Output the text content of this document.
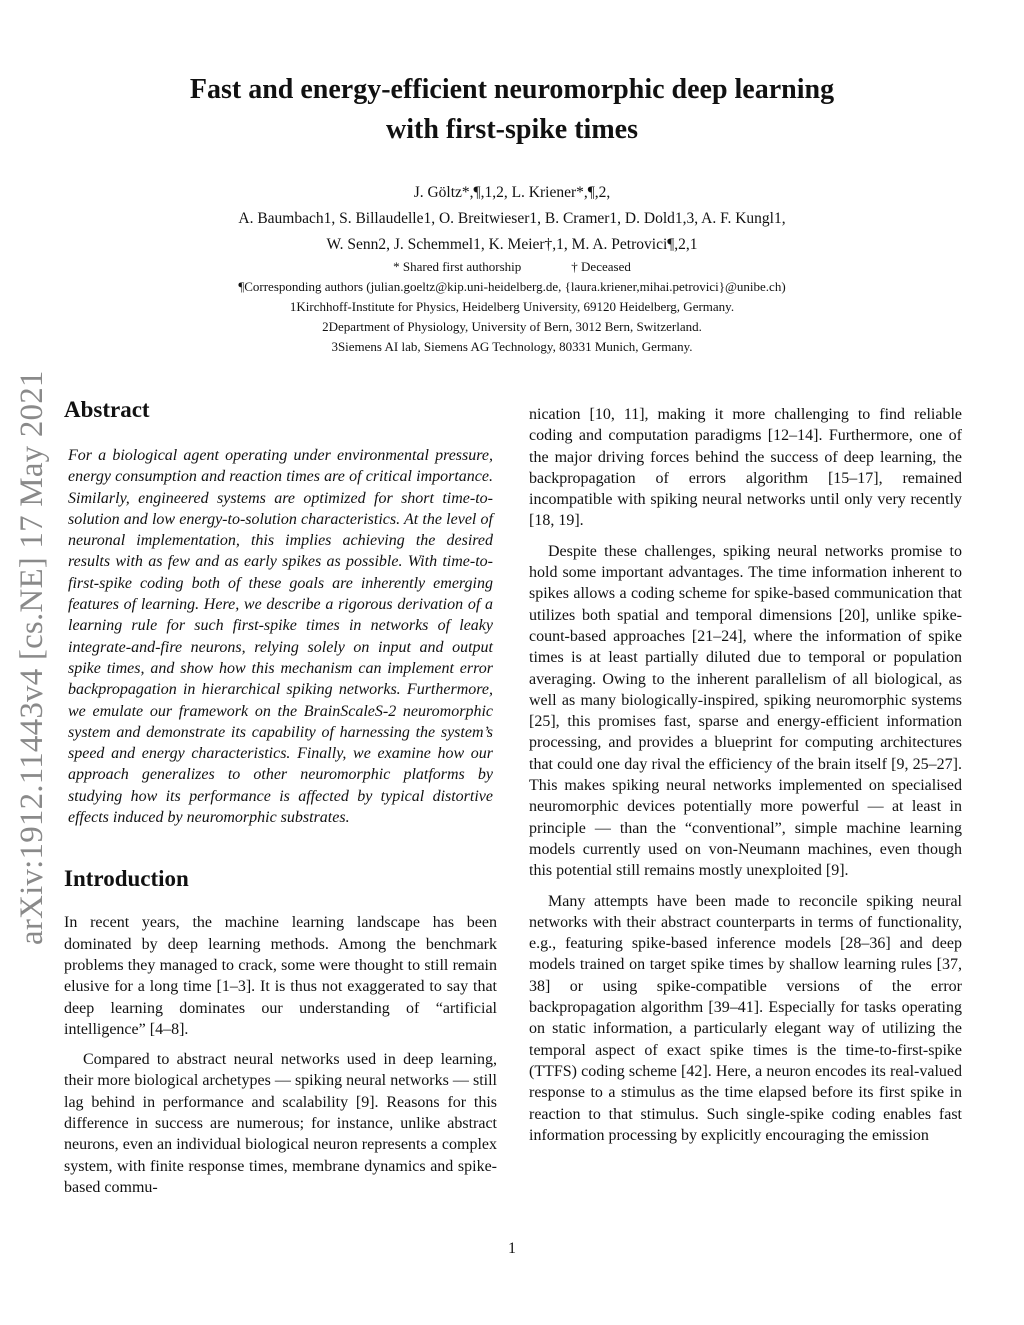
arXiv:1912.11443v4 [cs.NE] 17 May 2021
Fast and energy-efficient neuromorphic deep learning
with first-spike times
J. Göltz*,¶,1,2, L. Kriener*,¶,2,
A. Baumbach1, S. Billaudelle1, O. Breitwieser1, B. Cramer1, D. Dold1,3, A. F. Kungl1,
W. Senn2, J. Schemmel1, K. Meier†,1, M. A. Petrovici¶,2,1
* Shared first authorship	† Deceased
¶Corresponding authors (julian.goeltz@kip.uni-heidelberg.de, {laura.kriener,mihai.petrovici}@unibe.ch)
1Kirchhoff-Institute for Physics, Heidelberg University, 69120 Heidelberg, Germany.
2Department of Physiology, University of Bern, 3012 Bern, Switzerland.
3Siemens AI lab, Siemens AG Technology, 80331 Munich, Germany.
Abstract

For a biological agent operating under environmental pressure, energy consumption and reaction times are of critical importance. Similarly, engineered systems are optimized for short time-to-solution and low energy-to-solution characteristics. At the level of neuronal implementation, this implies achieving the desired results with as few and as early spikes as possible. With time-to-first-spike coding both of these goals are inherently emerging features of learning. Here, we describe a rigorous derivation of a learning rule for such first-spike times in networks of leaky integrate-and-fire neurons, relying solely on input and output spike times, and show how this mechanism can implement error backpropagation in hierarchical spiking networks. Furthermore, we emulate our framework on the BrainScaleS-2 neuromorphic system and demonstrate its capability of harnessing the system’s speed and energy characteristics. Finally, we examine how our approach generalizes to other neuromorphic platforms by studying how its performance is affected by typical distortive effects induced by neuromorphic substrates.

Introduction

In recent years, the machine learning landscape has been dominated by deep learning methods. Among the benchmark problems they managed to crack, some were thought to still remain elusive for a long time [1–3]. It is thus not exaggerated to say that deep learning dominates our understanding of “artificial intelligence” [4–8].

Compared to abstract neural networks used in deep learning, their more biological archetypes — spiking neural networks — still lag behind in performance and scalability [9]. Reasons for this difference in success are numerous; for instance, unlike abstract neurons, even an individual biological neuron represents a complex system, with finite response times, membrane dynamics and spike-based commu-

nication [10, 11], making it more challenging to find reliable coding and computation paradigms [12–14]. Furthermore, one of the major driving forces behind the success of deep learning, the backpropagation of errors algorithm [15–17], remained incompatible with spiking neural networks until only very recently [18, 19].

Despite these challenges, spiking neural networks promise to hold some important advantages. The time information inherent to spikes allows a coding scheme for spike-based communication that utilizes both spatial and temporal dimensions [20], unlike spike-count-based approaches [21–24], where the information of spike times is at least partially diluted due to temporal or population averaging. Owing to the inherent parallelism of all biological, as well as many biologically-inspired, spiking neuromorphic systems [25], this promises fast, sparse and energy-efficient information processing, and provides a blueprint for computing architectures that could one day rival the efficiency of the brain itself [9, 25–27]. This makes spiking neural networks implemented on specialised neuromorphic devices potentially more powerful — at least in principle — than the “conventional”, simple machine learning models currently used on von-Neumann machines, even though this potential still remains mostly unexploited [9].

Many attempts have been made to reconcile spiking neural networks with their abstract counterparts in terms of functionality, e.g., featuring spike-based inference models [28–36] and deep models trained on target spike times by shallow learning rules [37, 38] or using spike-compatible versions of the error backpropagation algorithm [39–41]. Especially for tasks operating on static information, a particularly elegant way of utilizing the temporal aspect of exact spike times is the time-to-first-spike (TTFS) coding scheme [42]. Here, a neuron encodes its real-valued response to a stimulus as the time elapsed before its first spike in reaction to that stimulus. Such single-spike coding enables fast information processing by explicitly encouraging the emission

1
